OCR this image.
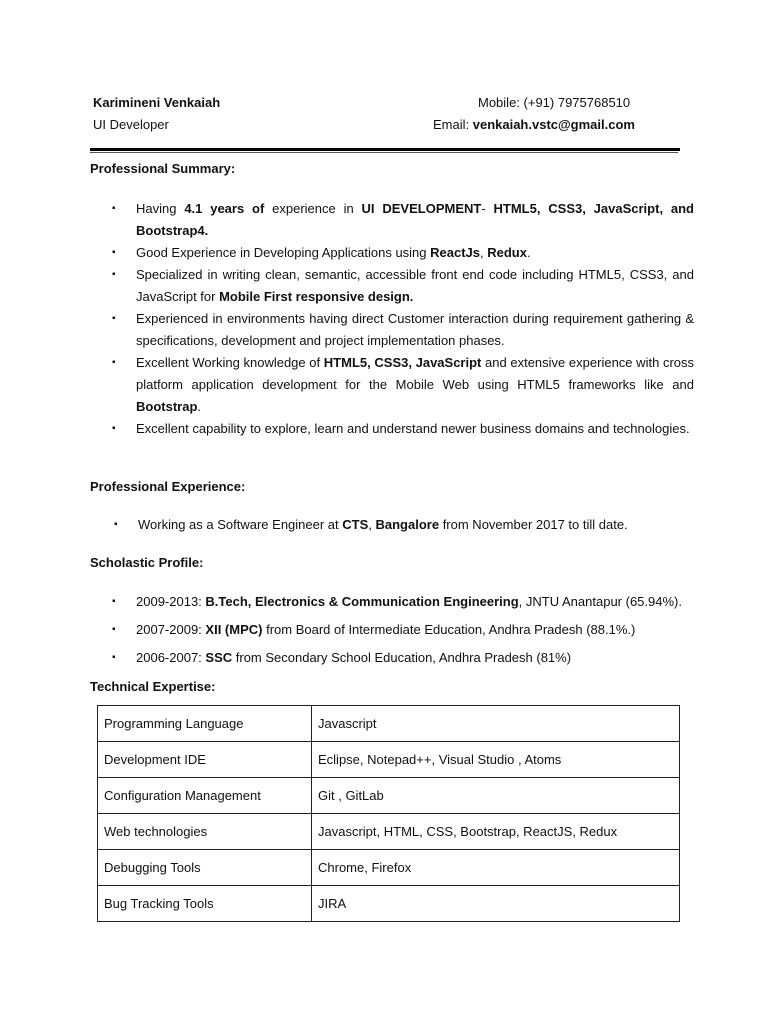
Karimineni Venkaiah
UI Developer
Mobile: (+91) 7975768510
Email: venkaiah.vstc@gmail.com
Professional Summary:
▪ Having 4.1 years of experience in UI DEVELOPMENT- HTML5, CSS3, JavaScript, and Bootstrap4.
▪ Good Experience in Developing Applications using ReactJs, Redux.
▪ Specialized in writing clean, semantic, accessible front end code including HTML5, CSS3, and JavaScript for Mobile First responsive design.
▪ Experienced in environments having direct Customer interaction during requirement gathering & specifications, development and project implementation phases.
▪ Excellent Working knowledge of HTML5, CSS3, JavaScript and extensive experience with cross platform application development for the Mobile Web using HTML5 frameworks like and Bootstrap.
▪ Excellent capability to explore, learn and understand newer business domains and technologies.
Professional Experience:
▪ Working as a Software Engineer at CTS, Bangalore from November 2017 to till date.
Scholastic Profile:
▪ 2009-2013: B.Tech, Electronics & Communication Engineering, JNTU Anantapur (65.94%).
▪ 2007-2009: XII (MPC) from Board of Intermediate Education, Andhra Pradesh (88.1%.)
▪ 2006-2007: SSC from Secondary School Education, Andhra Pradesh (81%)
Technical Expertise:
Programming Language	Javascript
Development IDE	Eclipse, Notepad++, Visual Studio , Atoms
Configuration Management	Git , GitLab
Web technologies	Javascript, HTML, CSS, Bootstrap, ReactJS, Redux
Debugging Tools	Chrome, Firefox
Bug Tracking Tools	JIRA
